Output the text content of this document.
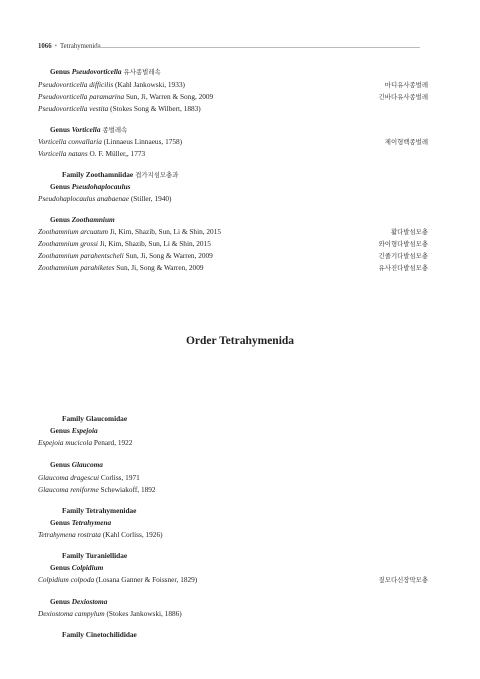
1066 • Tetrahymenida
Genus Pseudovorticella 유사종벌레속
Pseudovorticella difficilis (Kahl Jankowski, 1933)	마디유사종벌레
Pseudovorticella paramarina Sun, Ji, Warren & Song, 2009	긴바다유사종벌레
Pseudovorticella vestita (Stokes Song & Wilbert, 1883)
Genus Vorticella 종벌레속
Vorticella convallaria (Linnaeus Linnaeus, 1758)	제이형백종벌레
Vorticella natans O. F. Müller,, 1773
Family Zoothamniidae 겹가지섬모충과
Genus Pseudohaplocaulus
Pseudohaplocaulus anabaenae (Stiller, 1940)
Genus Zoothamnium
Zoothamnium arcuatum Ji, Kim, Shazib, Sun, Li & Shin, 2015	활다발섬모충
Zoothamnium grossi Ji, Kim, Shazib, Sun, Li & Shin, 2015	와이형다발섬모충
Zoothamnium parahentscheli Sun, Ji, Song & Warren, 2009	긴줄기다발섬모충
Zoothamnium parahiketes Sun, Ji, Song & Warren, 2009	유사진다발섬모충
Order Tetrahymenida
Family Glaucomidae
Genus Espejoia
Espejoia mucicola Penard, 1922
Genus Glaucoma
Glaucoma dragescui Corliss, 1971
Glaucoma reniforme Schewiakoff, 1892
Family Tetrahymenidae
Genus Tetrahymena
Tetrahymena rostrata (Kahl Corliss, 1926)
Family Turaniellidae
Genus Colpidium
Colpidium colpoda (Losana Ganner & Foissner, 1829)	짚모다신장막모충
Genus Dexiostoma
Dexiostoma campylum (Stokes Jankowski, 1886)
Family Cinetochilididae
